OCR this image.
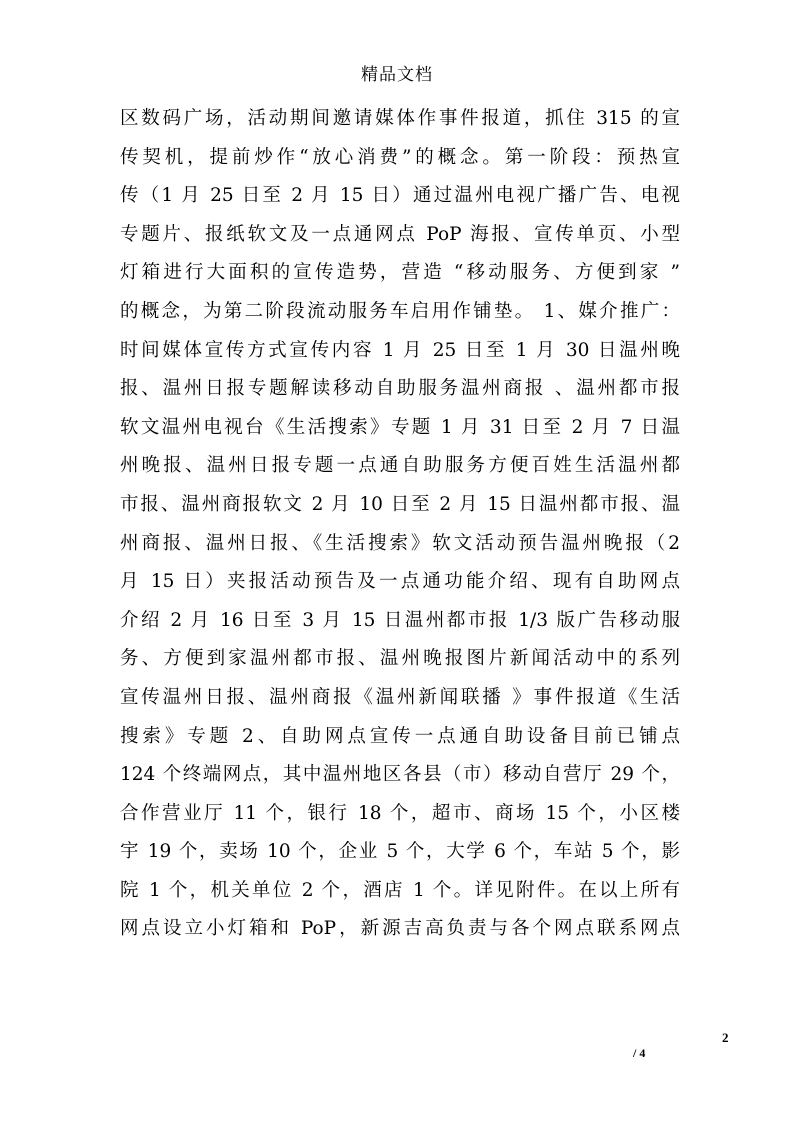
精品文档
区数码广场，活动期间邀请媒体作事件报道，抓住 315 的宣
传契机，提前炒作“放心消费”的概念。第一阶段：预热宣
传（1 月 25 日至 2 月 15 日）通过温州电视广播广告、电视
专题片、报纸软文及一点通网点 PoP 海报、宣传单页、小型
灯箱进行大面积的宣传造势，营造 “移动服务、方便到家 ”
的概念，为第二阶段流动服务车启用作铺垫。 1、媒介推广：
时间媒体宣传方式宣传内容 1 月 25 日至 1 月 30 日温州晚
报、温州日报专题解读移动自助服务温州商报 、温州都市报
软文温州电视台《生活搜索》专题 1 月 31 日至 2 月 7 日温
州晚报、温州日报专题一点通自助服务方便百姓生活温州都
市报、温州商报软文 2 月 10 日至 2 月 15 日温州都市报、温
州商报、温州日报、《生活搜索》软文活动预告温州晚报（2
月 15 日）夹报活动预告及一点通功能介绍、现有自助网点
介绍 2 月 16 日至 3 月 15 日温州都市报 1/3 版广告移动服
务、方便到家温州都市报、温州晚报图片新闻活动中的系列
宣传温州日报、温州商报《温州新闻联播 》事件报道《生活
搜索》专题 2、自助网点宣传一点通自助设备目前已铺点
124 个终端网点，其中温州地区各县（市）移动自营厅 29 个，
合作营业厅 11 个，银行 18 个，超市、商场 15 个，小区楼
宇 19 个，卖场 10 个，企业 5 个，大学 6 个，车站 5 个，影
院 1 个，机关单位 2 个，酒店 1 个。详见附件。在以上所有
网点设立小灯箱和 PoP，新源吉高负责与各个网点联系网点
2
/ 4
